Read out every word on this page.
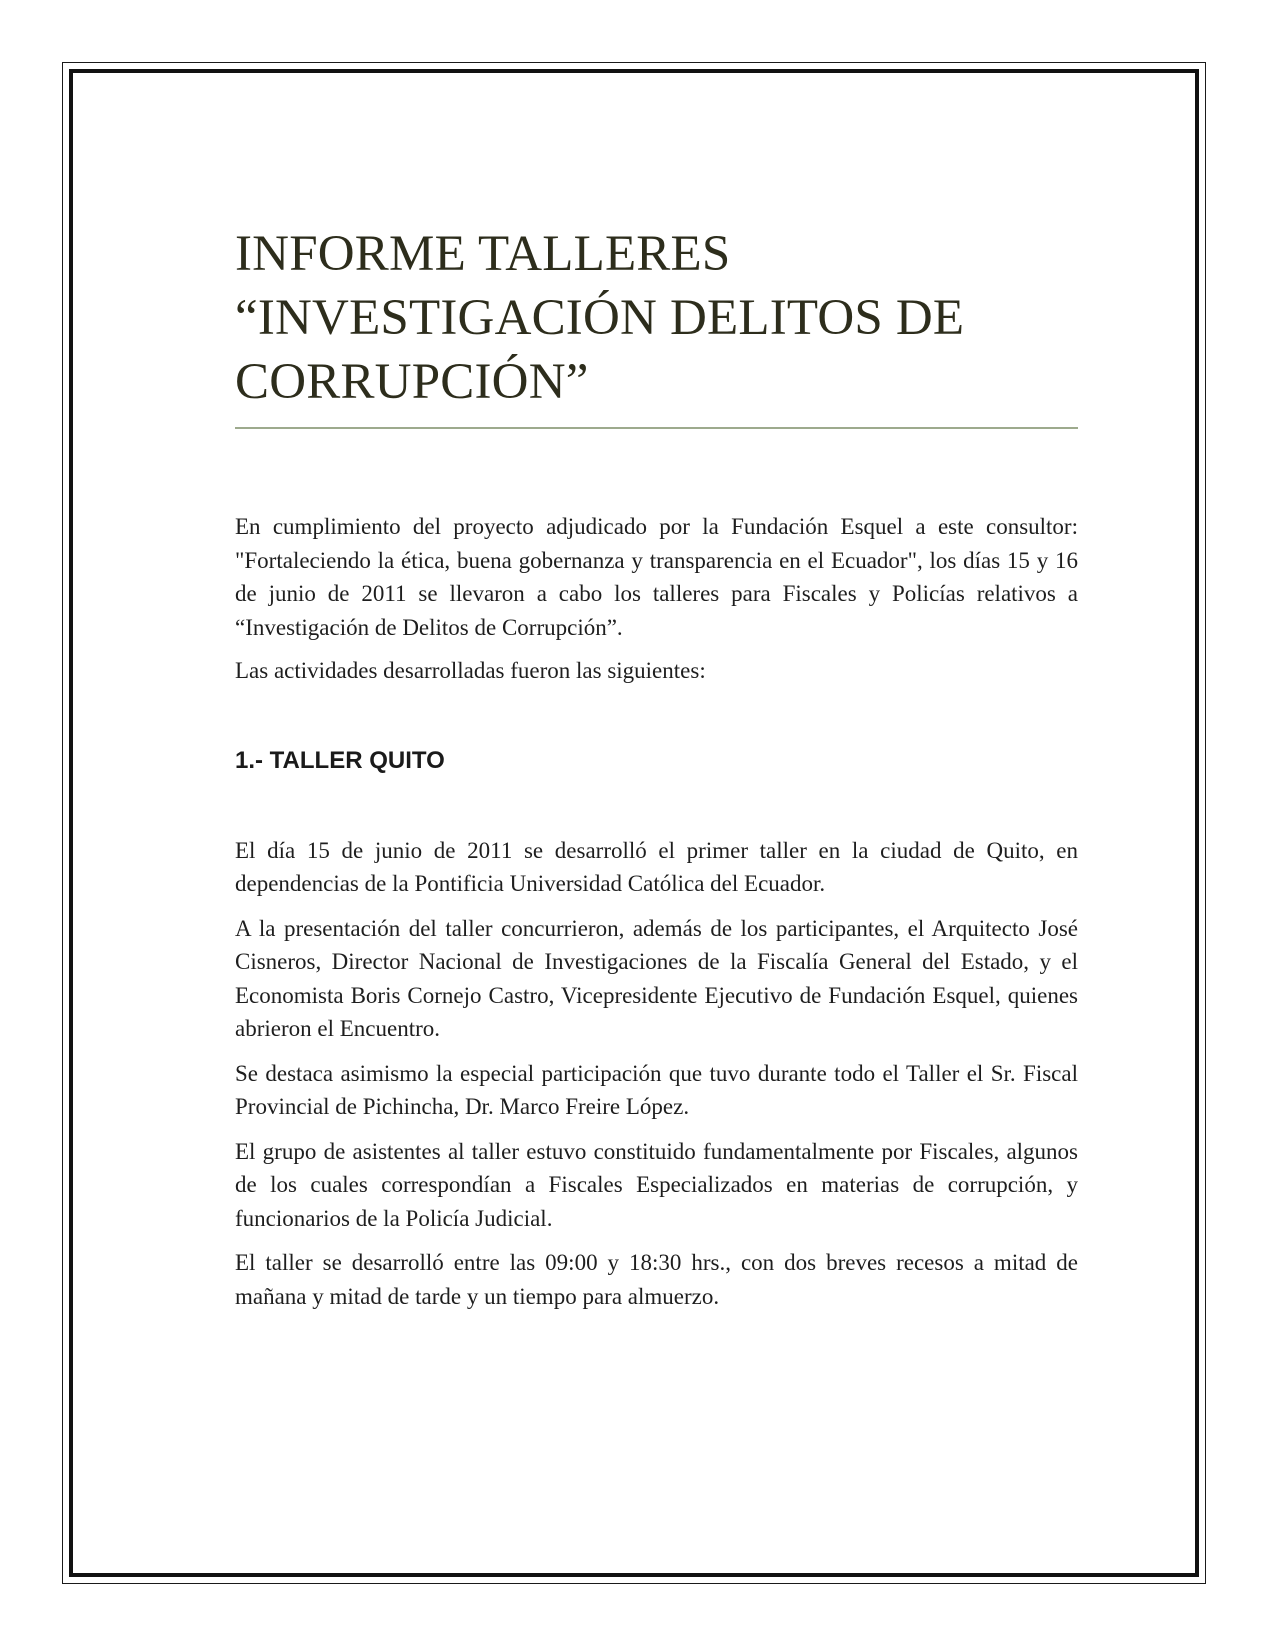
INFORME TALLERES
“INVESTIGACIÓN DELITOS DE
CORRUPCIÓN”

En cumplimiento del proyecto adjudicado por la Fundación Esquel a este consultor: "Fortaleciendo la ética, buena gobernanza y transparencia en el Ecuador", los días 15 y 16 de junio de 2011 se llevaron a cabo los talleres para Fiscales y Policías relativos a “Investigación de Delitos de Corrupción”.

Las actividades desarrolladas fueron las siguientes:

1.- TALLER QUITO

El día 15 de junio de 2011 se desarrolló el primer taller en la ciudad de Quito, en dependencias de la Pontificia Universidad Católica del Ecuador.

A la presentación del taller concurrieron, además de los participantes, el Arquitecto José Cisneros, Director Nacional de Investigaciones de la Fiscalía General del Estado, y el Economista Boris Cornejo Castro, Vicepresidente Ejecutivo de Fundación Esquel, quienes abrieron el Encuentro.

Se destaca asimismo la especial participación que tuvo durante todo el Taller el Sr. Fiscal Provincial de Pichincha, Dr. Marco Freire López.

El grupo de asistentes al taller estuvo constituido fundamentalmente por Fiscales, algunos de los cuales correspondían a Fiscales Especializados en materias de corrupción, y funcionarios de la Policía Judicial.

El taller se desarrolló entre las 09:00 y 18:30 hrs., con dos breves recesos a mitad de mañana y mitad de tarde y un tiempo para almuerzo.
